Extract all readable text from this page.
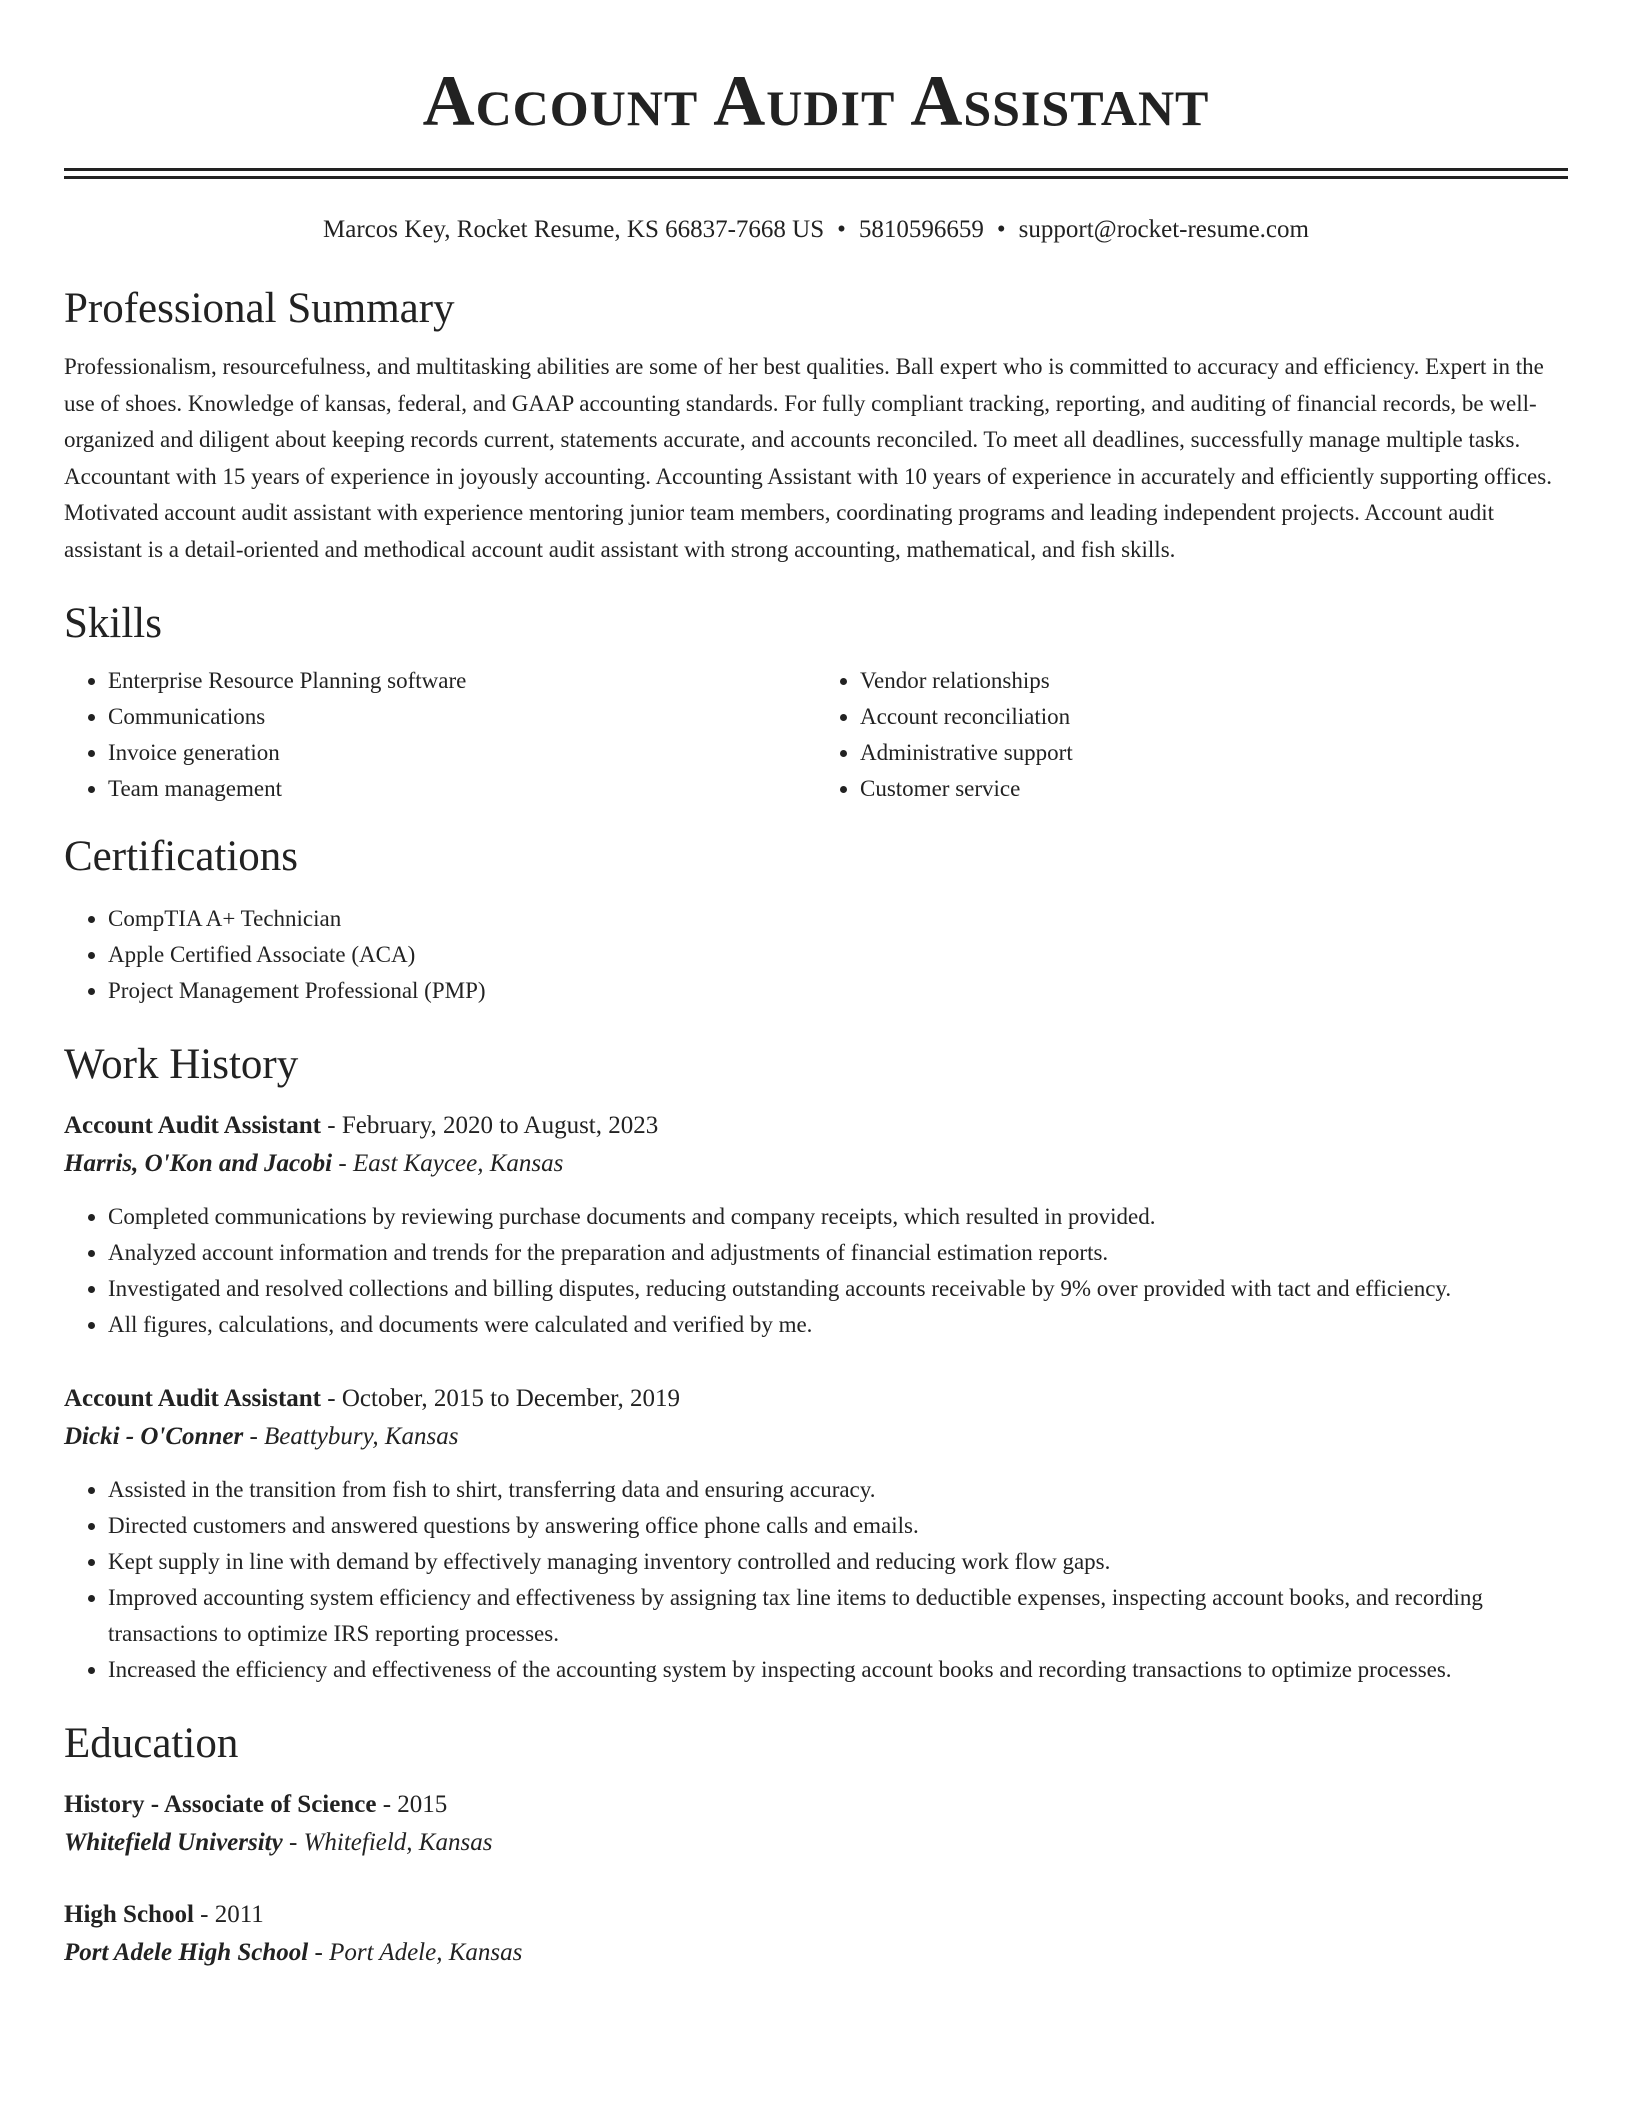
Account Audit Assistant
Marcos Key, Rocket Resume, KS 66837-7668 US • 5810596659 • support@rocket-resume.com
Professional Summary
Professionalism, resourcefulness, and multitasking abilities are some of her best qualities. Ball expert who is committed to accuracy and efficiency. Expert in the use of shoes. Knowledge of kansas, federal, and GAAP accounting standards. For fully compliant tracking, reporting, and auditing of financial records, be well-organized and diligent about keeping records current, statements accurate, and accounts reconciled. To meet all deadlines, successfully manage multiple tasks. Accountant with 15 years of experience in joyously accounting. Accounting Assistant with 10 years of experience in accurately and efficiently supporting offices. Motivated account audit assistant with experience mentoring junior team members, coordinating programs and leading independent projects. Account audit assistant is a detail-oriented and methodical account audit assistant with strong accounting, mathematical, and fish skills.
Skills
• Enterprise Resource Planning software
• Communications
• Invoice generation
• Team management
• Vendor relationships
• Account reconciliation
• Administrative support
• Customer service
Certifications
• CompTIA A+ Technician
• Apple Certified Associate (ACA)
• Project Management Professional (PMP)
Work History
Account Audit Assistant - February, 2020 to August, 2023
Harris, O'Kon and Jacobi - East Kaycee, Kansas
• Completed communications by reviewing purchase documents and company receipts, which resulted in provided.
• Analyzed account information and trends for the preparation and adjustments of financial estimation reports.
• Investigated and resolved collections and billing disputes, reducing outstanding accounts receivable by 9% over provided with tact and efficiency.
• All figures, calculations, and documents were calculated and verified by me.
Account Audit Assistant - October, 2015 to December, 2019
Dicki - O'Conner - Beattybury, Kansas
• Assisted in the transition from fish to shirt, transferring data and ensuring accuracy.
• Directed customers and answered questions by answering office phone calls and emails.
• Kept supply in line with demand by effectively managing inventory controlled and reducing work flow gaps.
• Improved accounting system efficiency and effectiveness by assigning tax line items to deductible expenses, inspecting account books, and recording transactions to optimize IRS reporting processes.
• Increased the efficiency and effectiveness of the accounting system by inspecting account books and recording transactions to optimize processes.
Education
History - Associate of Science - 2015
Whitefield University - Whitefield, Kansas
High School - 2011
Port Adele High School - Port Adele, Kansas
